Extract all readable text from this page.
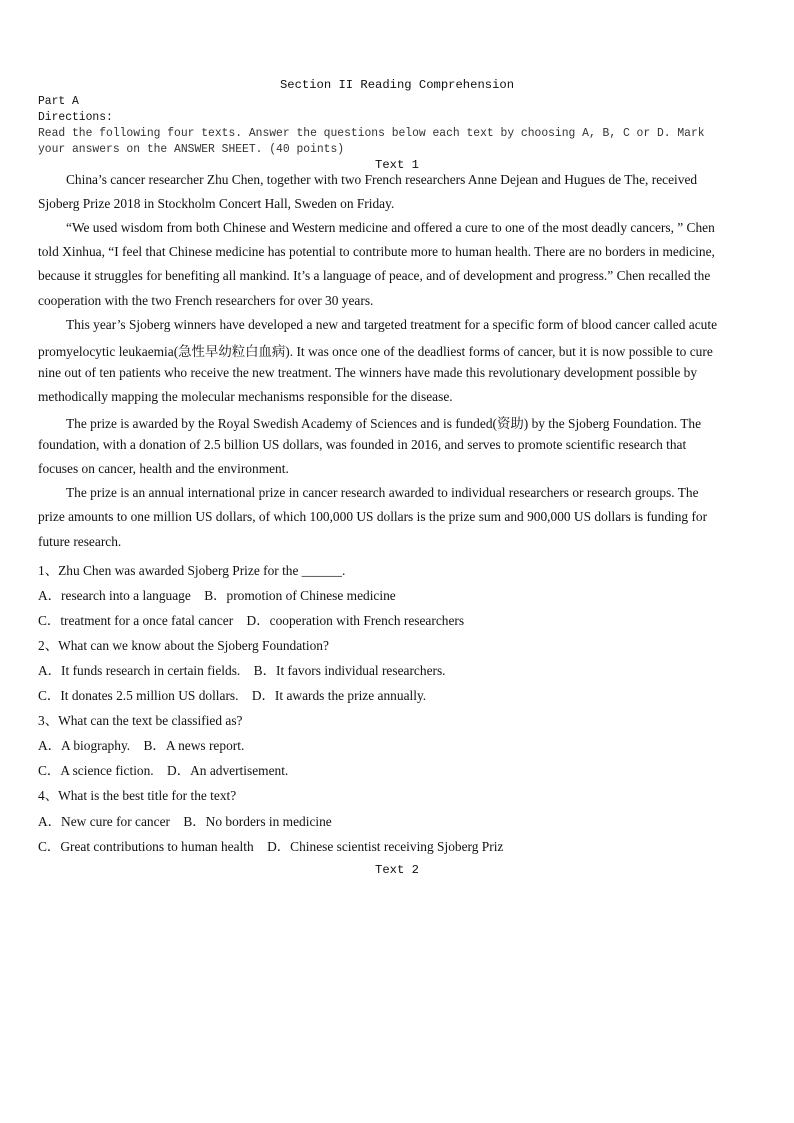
Section II Reading Comprehension
Part A
Directions:
Read the following four texts. Answer the questions below each text by choosing A, B, C or D. Mark
your answers on the ANSWER SHEET. (40 points)
Text 1
China’s cancer researcher Zhu Chen, together with two French researchers Anne Dejean and Hugues de The, received
Sjoberg Prize 2018 in Stockholm Concert Hall, Sweden on Friday.
“We used wisdom from both Chinese and Western medicine and offered a cure to one of the most deadly cancers, ” Chen
told Xinhua, “I feel that Chinese medicine has potential to contribute more to human health. There are no borders in medicine,
because it struggles for benefiting all mankind. It’s a language of peace, and of development and progress.” Chen recalled the
cooperation with the two French researchers for over 30 years.
This year’s Sjoberg winners have developed a new and targeted treatment for a specific form of blood cancer called acute
promyelocytic leukaemia(急性早幼粒白血病). It was once one of the deadliest forms of cancer, but it is now possible to cure
nine out of ten patients who receive the new treatment. The winners have made this revolutionary development possible by
methodically mapping the molecular mechanisms responsible for the disease.
The prize is awarded by the Royal Swedish Academy of Sciences and is funded(资助) by the Sjoberg Foundation. The
foundation, with a donation of 2.5 billion US dollars, was founded in 2016, and serves to promote scientific research that
focuses on cancer, health and the environment.
The prize is an annual international prize in cancer research awarded to individual researchers or research groups. The
prize amounts to one million US dollars, of which 100,000 US dollars is the prize sum and 900,000 US dollars is funding for
future research.
1、Zhu Chen was awarded Sjoberg Prize for the ______.
A．research into a language    B．promotion of Chinese medicine
C．treatment for a once fatal cancer    D．cooperation with French researchers
2、What can we know about the Sjoberg Foundation?
A．It funds research in certain fields.    B．It favors individual researchers.
C．It donates 2.5 million US dollars.    D．It awards the prize annually.
3、What can the text be classified as?
A．A biography.    B．A news report.
C．A science fiction.    D．An advertisement.
4、What is the best title for the text?
A．New cure for cancer    B．No borders in medicine
C．Great contributions to human health    D．Chinese scientist receiving Sjoberg Priz
Text 2
